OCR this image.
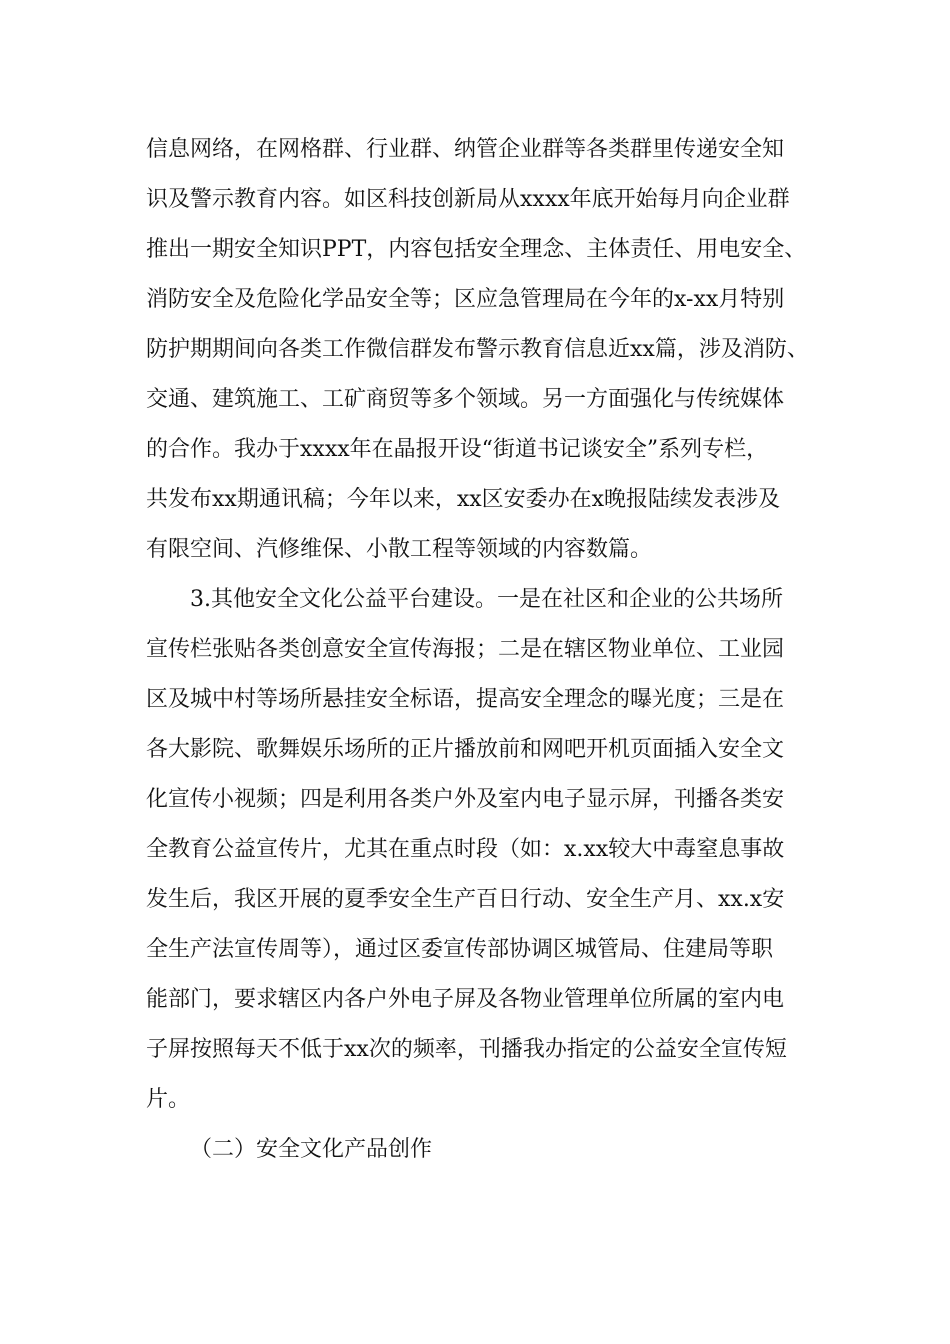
信息网络，在网格群、行业群、纳管企业群等各类群里传递安全知
识及警示教育内容。如区科技创新局从xxxx年底开始每月向企业群
推出一期安全知识PPT，内容包括安全理念、主体责任、用电安全、
消防安全及危险化学品安全等；区应急管理局在今年的x-xx月特别
防护期期间向各类工作微信群发布警示教育信息近xx篇，涉及消防、
交通、建筑施工、工矿商贸等多个领域。另一方面强化与传统媒体
的合作。我办于xxxx年在晶报开设“街道书记谈安全”系列专栏，
共发布xx期通讯稿；今年以来，xx区安委办在x晚报陆续发表涉及
有限空间、汽修维保、小散工程等领域的内容数篇。
3.其他安全文化公益平台建设。一是在社区和企业的公共场所
宣传栏张贴各类创意安全宣传海报；二是在辖区物业单位、工业园
区及城中村等场所悬挂安全标语，提高安全理念的曝光度；三是在
各大影院、歌舞娱乐场所的正片播放前和网吧开机页面插入安全文
化宣传小视频；四是利用各类户外及室内电子显示屏，刊播各类安
全教育公益宣传片，尤其在重点时段（如：x.xx较大中毒窒息事故
发生后，我区开展的夏季安全生产百日行动、安全生产月、xx.x安
全生产法宣传周等），通过区委宣传部协调区城管局、住建局等职
能部门，要求辖区内各户外电子屏及各物业管理单位所属的室内电
子屏按照每天不低于xx次的频率，刊播我办指定的公益安全宣传短
片。
（二）安全文化产品创作
